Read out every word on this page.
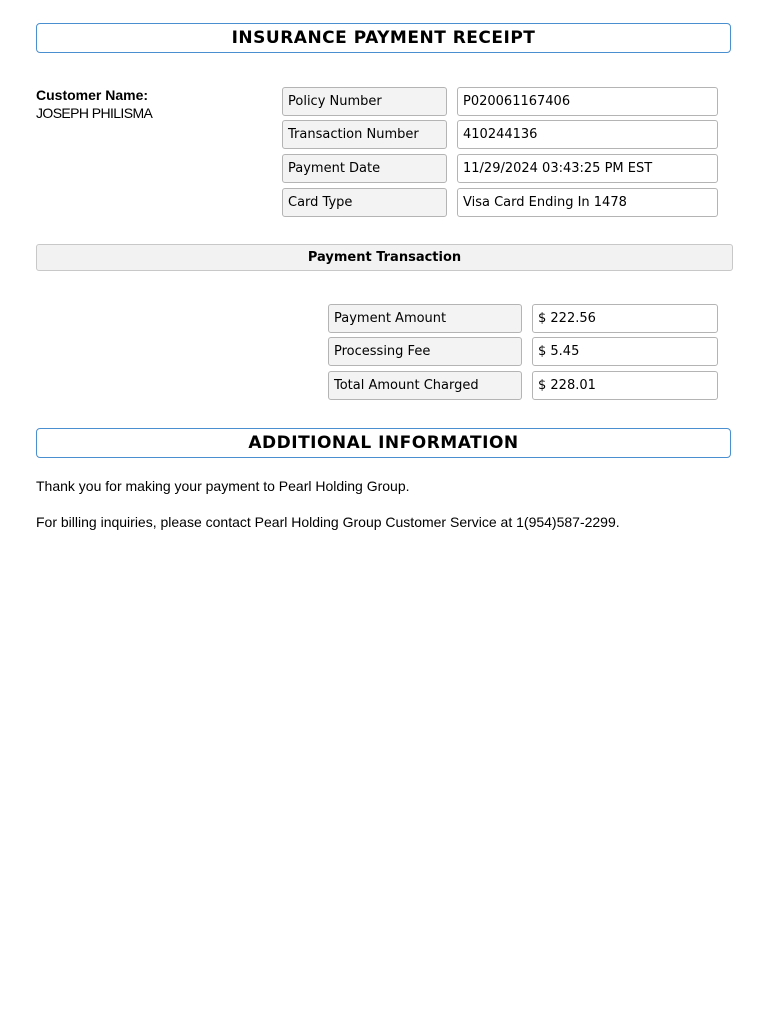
INSURANCE PAYMENT RECEIPT
Customer Name:
JOSEPH PHILISMA
Policy Number	P020061167406
Transaction Number	410244136
Payment Date	11/29/2024 03:43:25 PM EST
Card Type	Visa Card Ending In 1478
Payment Transaction
Payment Amount	$ 222.56
Processing Fee	$ 5.45
Total Amount Charged	$ 228.01
ADDITIONAL INFORMATION
Thank you for making your payment to Pearl Holding Group.
For billing inquiries, please contact Pearl Holding Group Customer Service at 1(954)587-2299.
